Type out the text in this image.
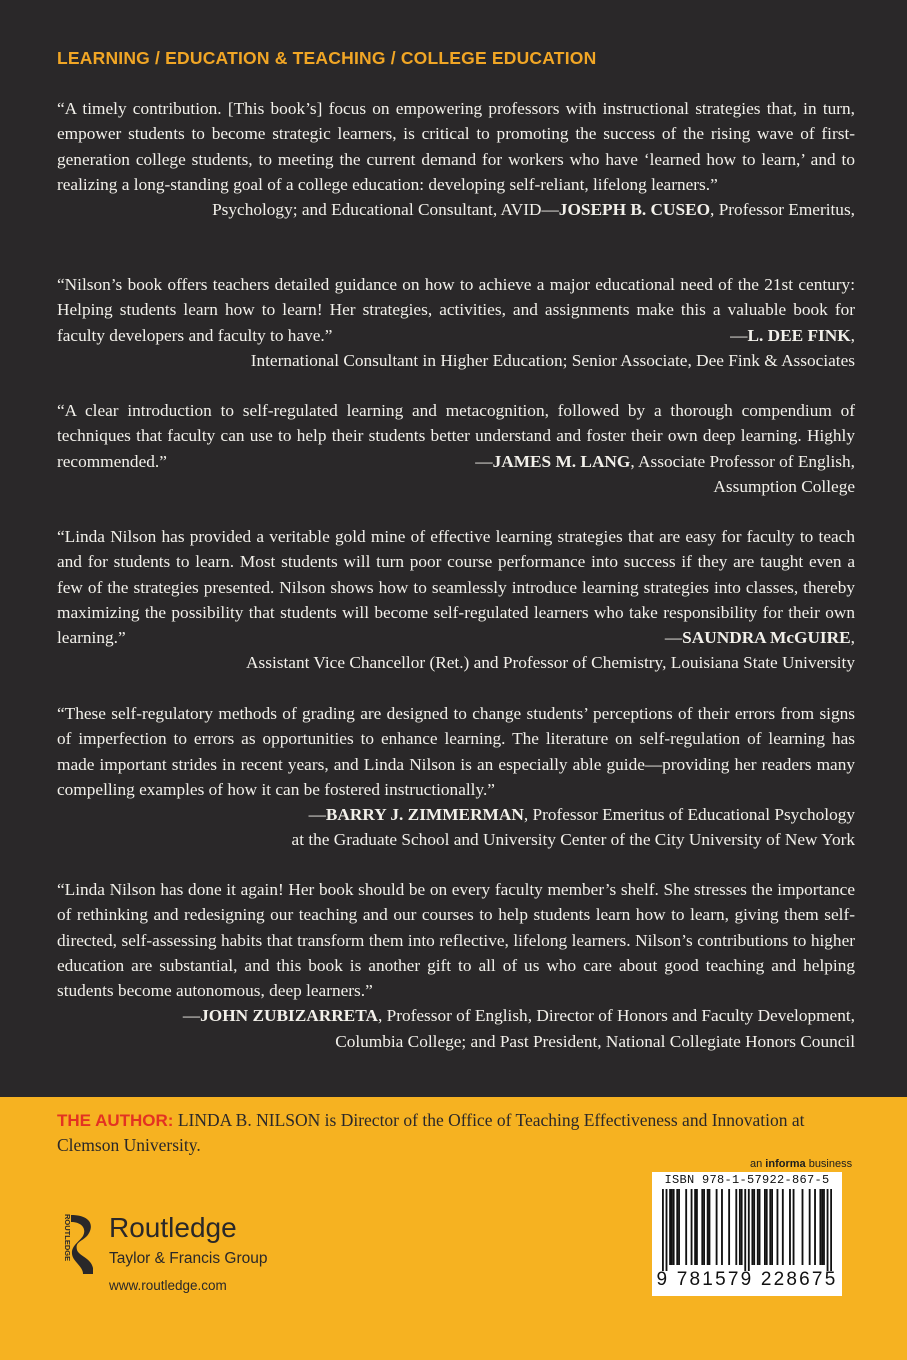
LEARNING / EDUCATION & TEACHING / COLLEGE EDUCATION

“A timely contribution. [This book’s] focus on empowering professors with instructional strategies that, in turn, empower students to become strategic learners, is critical to promoting the success of the rising wave of first-generation college students, to meeting the current demand for workers who have ‘learned how to learn,’ and to realizing a long-standing goal of a college education: developing self-reliant, lifelong learners.”
—JOSEPH B. CUSEO, Professor Emeritus,

Psychology; and Educational Consultant, AVID

“Nilson’s book offers teachers detailed guidance on how to achieve a major educational need of the 21st century: Helping students learn how to learn! Her strategies, activities, and assignments make this a valuable book for faculty developers and faculty to have.”	—L. DEE FINK,

International Consultant in Higher Education; Senior Associate, Dee Fink & Associates

“A clear introduction to self-regulated learning and metacognition, followed by a thorough compendium of techniques that faculty can use to help their students better understand and foster their own deep learning. Highly recommended.”	—JAMES M. LANG, Associate Professor of English,

Assumption College

“Linda Nilson has provided a veritable gold mine of effective learning strategies that are easy for faculty to teach and for students to learn. Most students will turn poor course performance into success if they are taught even a few of the strategies presented. Nilson shows how to seamlessly introduce learning strategies into classes, thereby maximizing the possibility that students will become self-regulated learners who take responsibility for their own learning.”	—SAUNDRA McGUIRE,

Assistant Vice Chancellor (Ret.) and Professor of Chemistry, Louisiana State University

“These self-regulatory methods of grading are designed to change students’ perceptions of their errors from signs of imperfection to errors as opportunities to enhance learning. The literature on self-regulation of learning has made important strides in recent years, and Linda Nilson is an especially able guide—providing her readers many compelling examples of how it can be fostered instructionally.”

—BARRY J. ZIMMERMAN, Professor Emeritus of Educational Psychology
at the Graduate School and University Center of the City University of New York

“Linda Nilson has done it again! Her book should be on every faculty member’s shelf. She stresses the importance of rethinking and redesigning our teaching and our courses to help students learn how to learn, giving them self-directed, self-assessing habits that transform them into reflective, lifelong learners. Nilson’s contributions to higher education are substantial, and this book is another gift to all of us who care about good teaching and helping students become autonomous, deep learners.”

—JOHN ZUBIZARRETA, Professor of English, Director of Honors and Faculty Development,
Columbia College; and Past President, National Collegiate Honors Council
THE AUTHOR: LINDA B. NILSON is Director of the Office of Teaching Effectiveness and Innovation at Clemson University.
ROUTLEDGE Routledge
Taylor & Francis Group
www.routledge.com
an informa business
ISBN 978-1-57922-867-5
9 781579 228675
